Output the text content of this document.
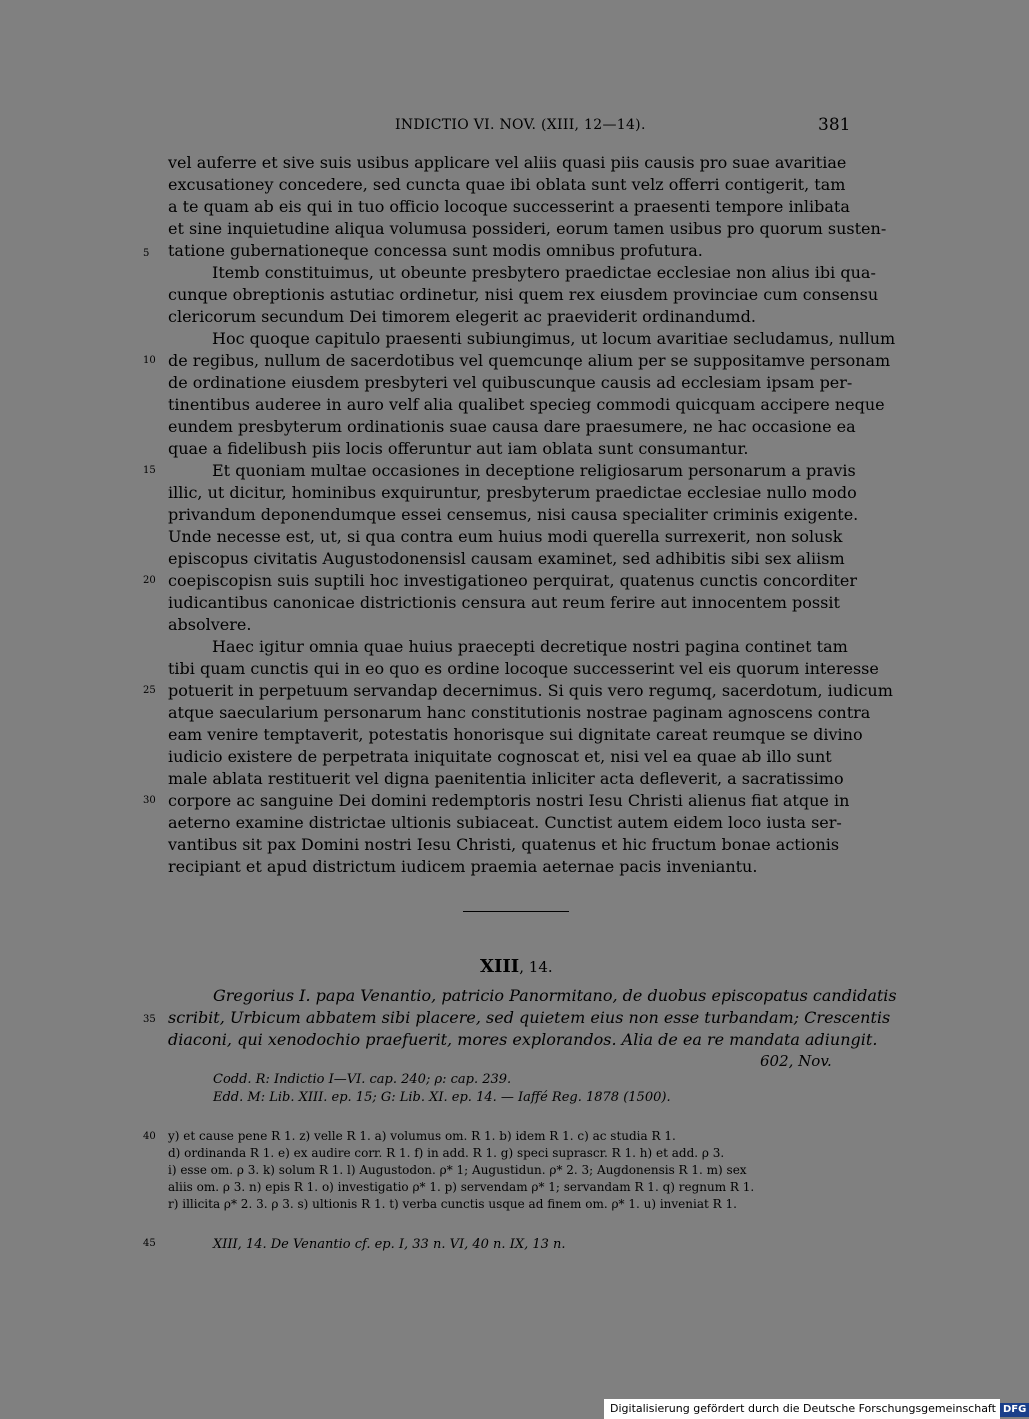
INDICTIO VI. NOV. (XIII, 12—14).	381
vel auferre et sive suis usibus applicare vel aliis quasi piis causis pro suae avaritiae
excusationey concedere, sed cuncta quae ibi oblata sunt velz offerri contigerit, tam
a te quam ab eis qui in tuo officio locoque successerint a praesenti tempore inlibata
et sine inquietudine aliqua volumusa possideri, eorum tamen usibus pro quorum susten-
tatione gubernationeque concessa sunt modis omnibus profutura.
Itemb constituimus, ut obeunte presbytero praedictae ecclesiae non alius ibi qua-
cunque obreptionis astutiac ordinetur, nisi quem rex eiusdem provinciae cum consensu
clericorum secundum Dei timorem elegerit ac praeviderit ordinandumd.
Hoc quoque capitulo praesenti subiungimus, ut locum avaritiae secludamus, nullum
de regibus, nullum de sacerdotibus vel quemcunqe alium per se suppositamve personam
de ordinatione eiusdem presbyteri vel quibuscunque causis ad ecclesiam ipsam per-
tinentibus auderee in auro velf alia qualibet specieg commodi quicquam accipere neque
eundem presbyterum ordinationis suae causa dare praesumere, ne hac occasione ea
quae a fidelibush piis locis offeruntur aut iam oblata sunt consumantur.
Et quoniam multae occasiones in deceptione religiosarum personarum a pravis
illic, ut dicitur, hominibus exquiruntur, presbyterum praedictae ecclesiae nullo modo
privandum deponendumque essei censemus, nisi causa specialiter criminis exigente.
Unde necesse est, ut, si qua contra eum huius modi querella surrexerit, non solusk
episcopus civitatis Augustodonensisl causam examinet, sed adhibitis sibi sex aliism
coepiscopisn suis suptili hoc investigationeo perquirat, quatenus cunctis concorditer
iudicantibus canonicae districtionis censura aut reum ferire aut innocentem possit
absolvere.
Haec igitur omnia quae huius praecepti decretique nostri pagina continet tam
tibi quam cunctis qui in eo quo es ordine locoque successerint vel eis quorum interesse
potuerit in perpetuum servandap decernimus. Si quis vero regumq, sacerdotum, iudicum
atque saecularium personarum hanc constitutionis nostrae paginam agnoscens contra
eam venire temptaverit, potestatis honorisque sui dignitate careat reumque se divino
iudicio existere de perpetrata iniquitate cognoscat et, nisi vel ea quae ab illo sunt
male ablata restituerit vel digna paenitentia inliciter acta defleverit, a sacratissimo
corpore ac sanguine Dei domini redemptoris nostri Iesu Christi alienus fiat atque in
aeterno examine districtae ultionis subiaceat. Cunctist autem eidem loco iusta ser-
vantibus sit pax Domini nostri Iesu Christi, quatenus et hic fructum bonae actionis
recipiant et apud districtum iudicem praemia aeternae pacis inveniantu.
5
10
15
20
25
30
35
40
45
XIII, 14.
Gregorius I. papa Venantio, patricio Panormitano, de duobus episcopatus candidatis
scribit, Urbicum abbatem sibi placere, sed quietem eius non esse turbandam; Crescentis
diaconi, qui xenodochio praefuerit, mores explorandos. Alia de ea re mandata adiungit.
602, Nov.
Codd. R: Indictio I—VI. cap. 240; ρ: cap. 239.
Edd. M: Lib. XIII. ep. 15; G: Lib. XI. ep. 14. — Iaffé Reg. 1878 (1500).
y) et cause pene R 1. z) velle R 1. a) volumus om. R 1. b) idem R 1. c) ac studia R 1.
d) ordinanda R 1. e) ex audire corr. R 1. f) in add. R 1. g) speci suprascr. R 1. h) et add. ρ 3.
i) esse om. ρ 3. k) solum R 1. l) Augustodon. ρ* 1; Augustidun. ρ* 2. 3; Augdonensis R 1. m) sex
aliis om. ρ 3. n) epis R 1. o) investigatio ρ* 1. p) servendam ρ* 1; servandam R 1. q) regnum R 1.
r) illicita ρ* 2. 3. ρ 3. s) ultionis R 1. t) verba cunctis usque ad finem om. ρ* 1. u) inveniat R 1.
XIII, 14. De Venantio cf. ep. I, 33 n. VI, 40 n. IX, 13 n.
Digitalisierung gefördert durch die Deutsche Forschungsgemeinschaft DFG
